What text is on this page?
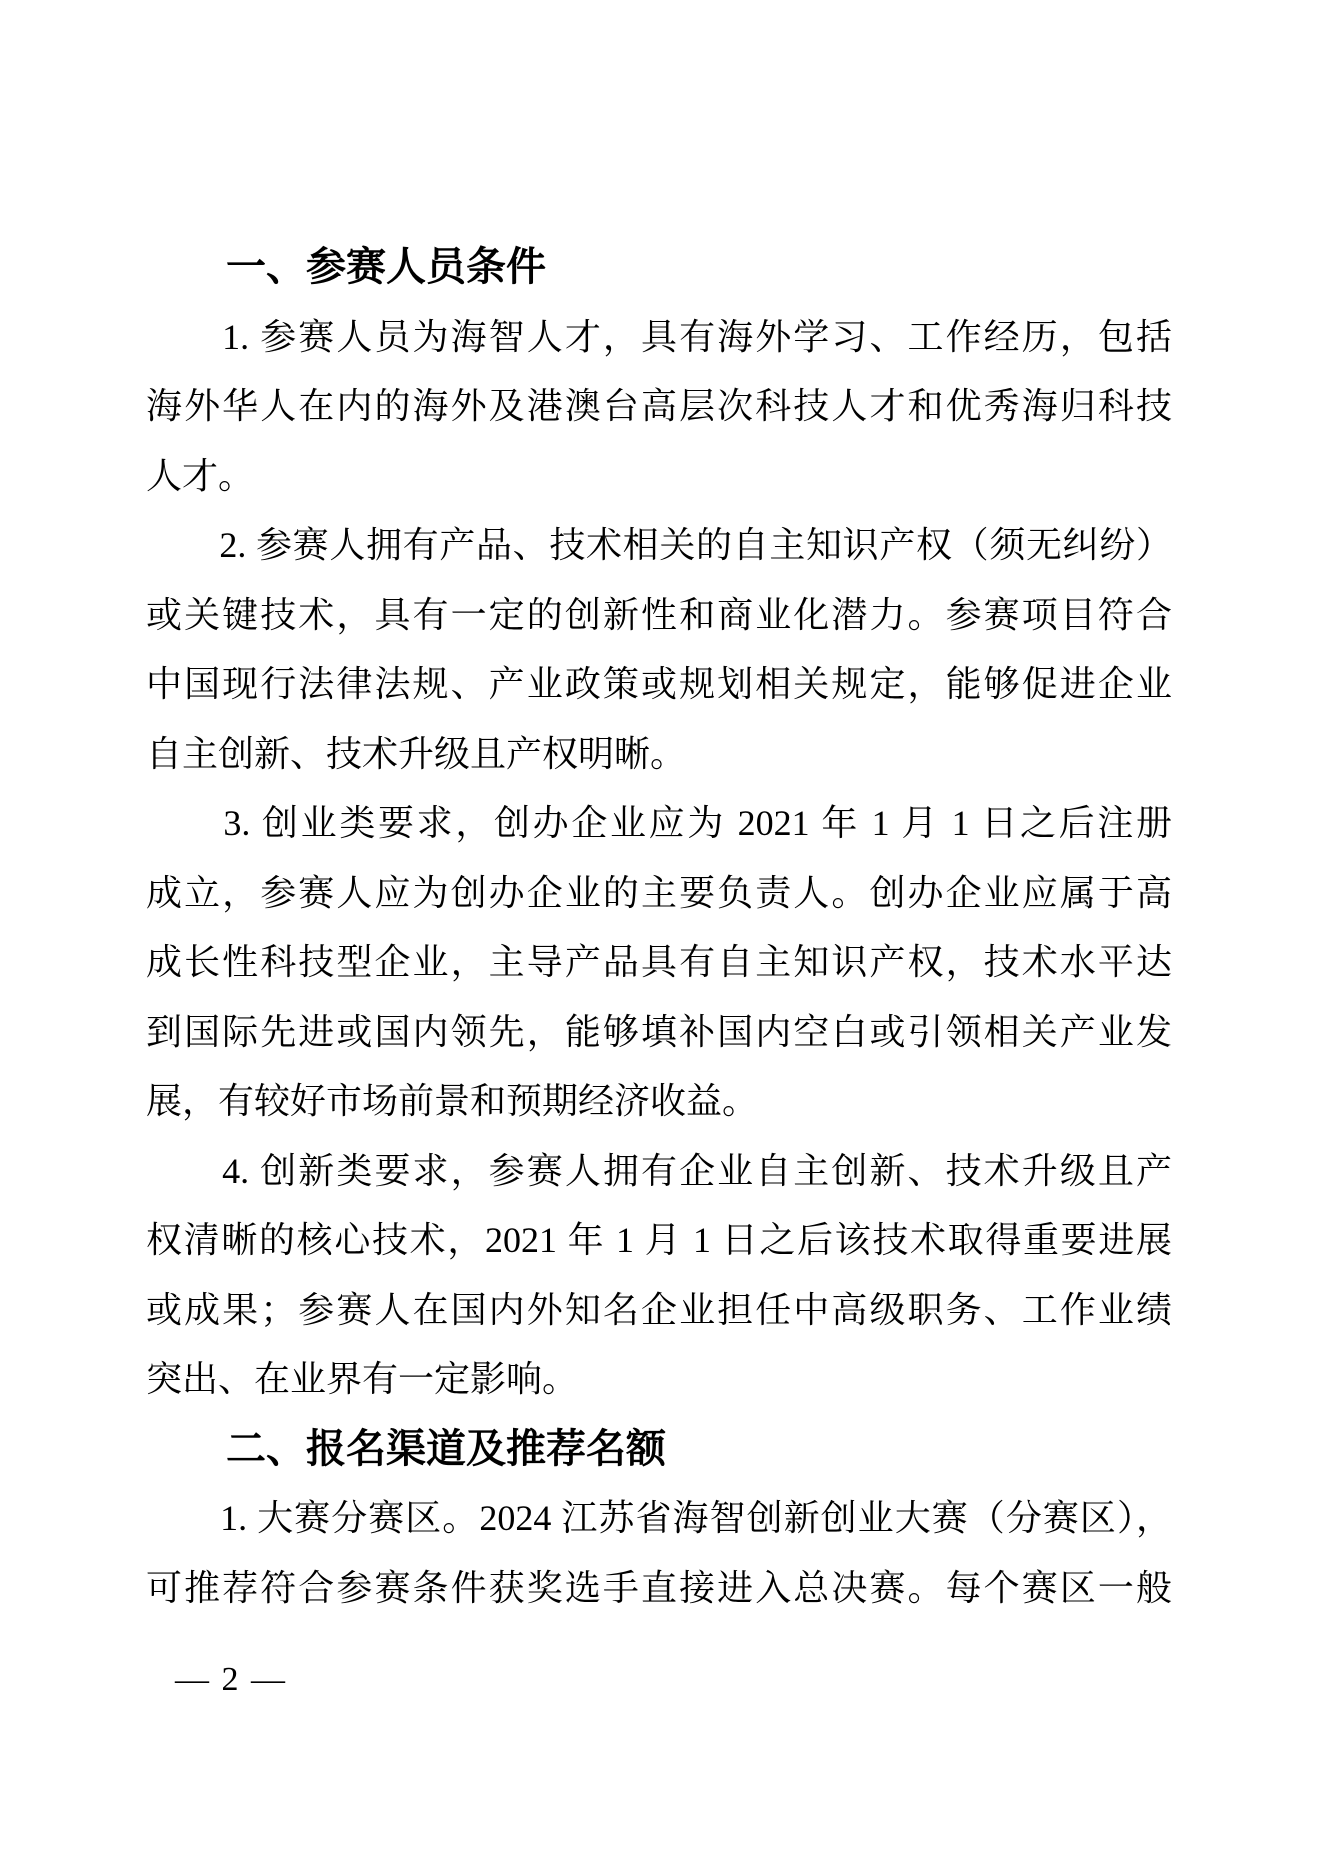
　　一、参赛人员条件
　　1. 参赛人员为海智人才，具有海外学习、工作经历，包括
海外华人在内的海外及港澳台高层次科技人才和优秀海归科技
人才。
　　2. 参赛人拥有产品、技术相关的自主知识产权（须无纠纷）
或关键技术，具有一定的创新性和商业化潜力。参赛项目符合
中国现行法律法规、产业政策或规划相关规定，能够促进企业
自主创新、技术升级且产权明晰。
　　3. 创业类要求，创办企业应为 2021 年 1 月 1 日之后注册
成立，参赛人应为创办企业的主要负责人。创办企业应属于高
成长性科技型企业，主导产品具有自主知识产权，技术水平达
到国际先进或国内领先，能够填补国内空白或引领相关产业发
展，有较好市场前景和预期经济收益。
　　4. 创新类要求，参赛人拥有企业自主创新、技术升级且产
权清晰的核心技术，2021 年 1 月 1 日之后该技术取得重要进展
或成果；参赛人在国内外知名企业担任中高级职务、工作业绩
突出、在业界有一定影响。
　　二、报名渠道及推荐名额
　　1. 大赛分赛区。2024 江苏省海智创新创业大赛（分赛区），
可推荐符合参赛条件获奖选手直接进入总决赛。每个赛区一般
— 2 —
